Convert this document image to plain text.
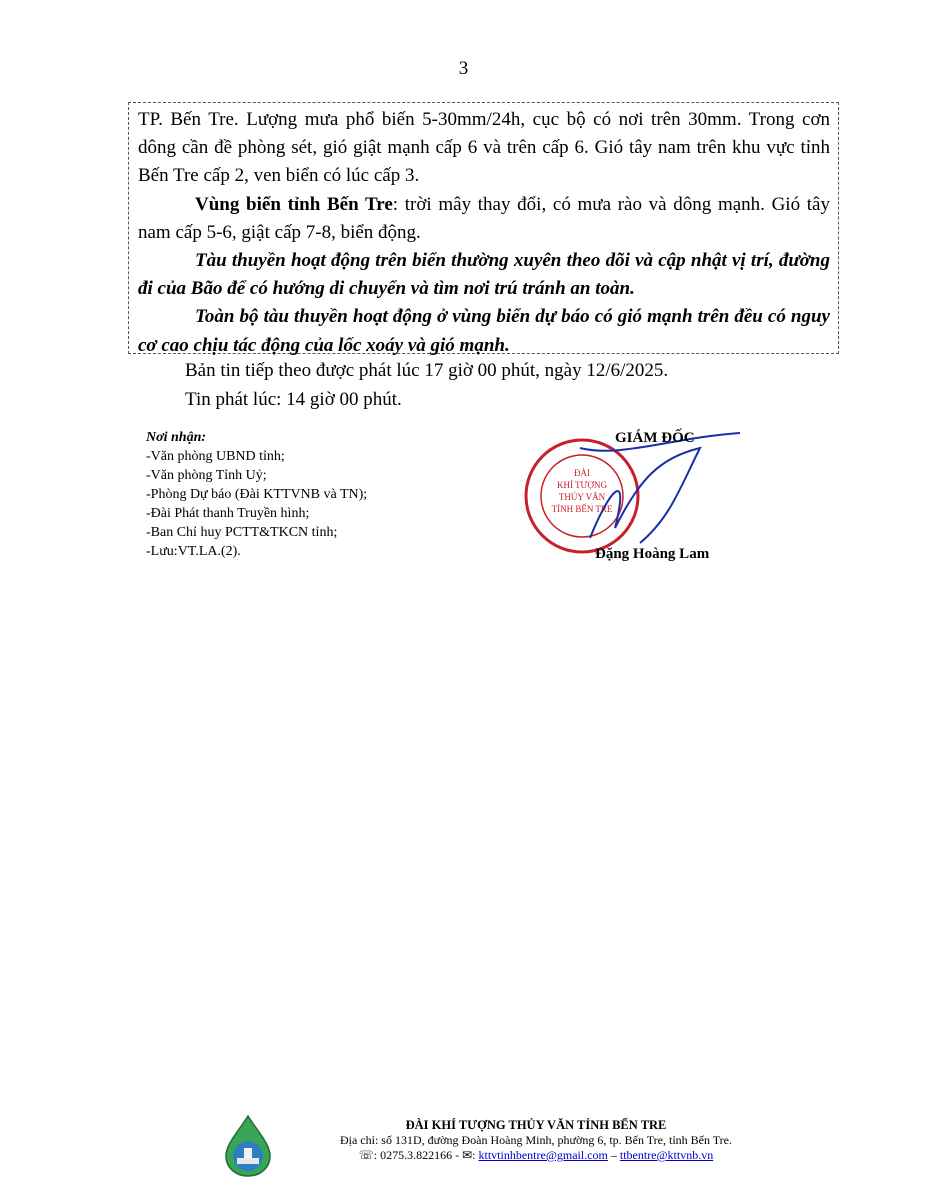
3

TP. Bến Tre. Lượng mưa phổ biến 5-30mm/24h, cục bộ có nơi trên 30mm. Trong cơn dông cần đề phòng sét, gió giật mạnh cấp 6 và trên cấp 6. Gió tây nam trên khu vực tỉnh Bến Tre cấp 2, ven biển có lúc cấp 3.

Vùng biển tỉnh Bến Tre: trời mây thay đổi, có mưa rào và dông mạnh. Gió tây nam cấp 5-6, giật cấp 7-8, biển động.

Tàu thuyền hoạt động trên biển thường xuyên theo dõi và cập nhật vị trí, đường đi của Bão để có hướng di chuyển và tìm nơi trú tránh an toàn.

Toàn bộ tàu thuyền hoạt động ở vùng biển dự báo có gió mạnh trên đều có nguy cơ cao chịu tác động của lốc xoáy và gió mạnh.

Bản tin tiếp theo được phát lúc 17 giờ 00 phút, ngày 12/6/2025.
Tin phát lúc: 14 giờ 00 phút.
Nơi nhận:
-Văn phòng UBND tỉnh;
-Văn phòng Tỉnh Uỷ;
-Phòng Dự báo (Đài KTTVNB và TN);
-Đài Phát thanh Truyền hình;
-Ban Chỉ huy PCTT&TKCN tỉnh;
-Lưu:VT.LA.(2).
ĐÀI
KHÍ TƯỢNG
THỦY VĂN
TỈNH BẾN TRE
GIÁM ĐỐC
Đặng Hoàng Lam
ĐÀI KHÍ TƯỢNG THỦY VĂN TỈNH BẾN TRE
Địa chỉ: số 131D, đường Đoàn Hoàng Minh, phường 6, tp. Bến Tre, tỉnh Bến Tre.
☏: 0275.3.822166 - ✉: kttvtinhbentre@gmail.com – ttbentre@kttvnb.vn
